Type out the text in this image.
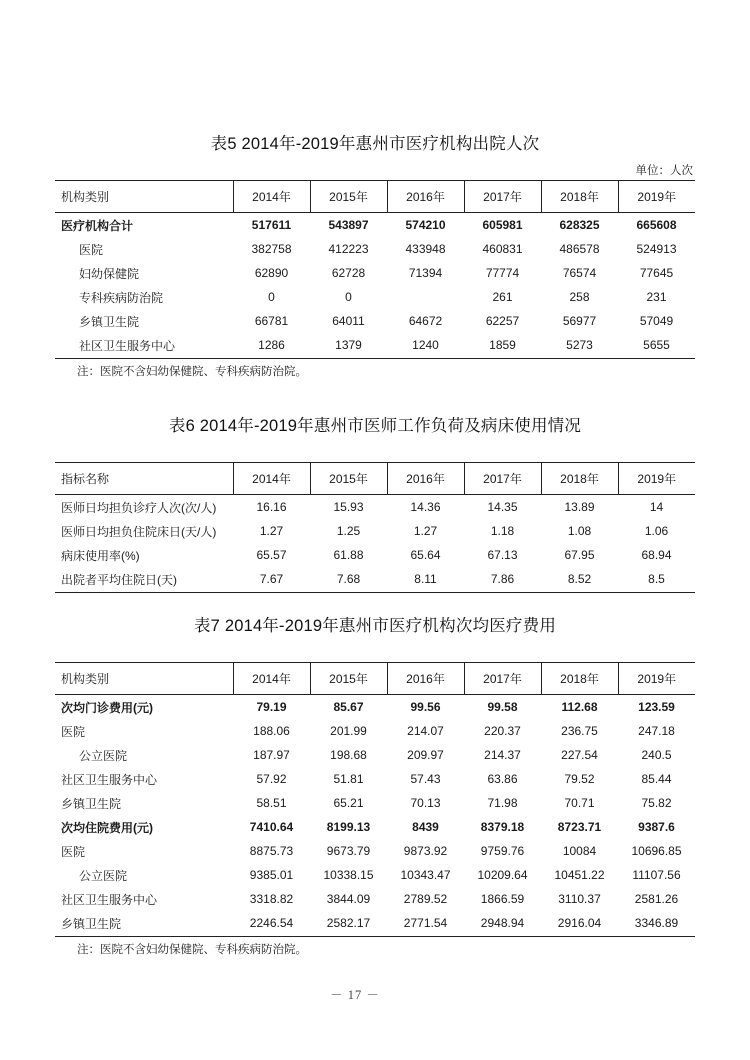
表5 2014年-2019年惠州市医疗机构出院人次
单位：人次
机构类别	2014年	2015年	2016年	2017年	2018年	2019年
医疗机构合计	517611	543897	574210	605981	628325	665608
医院	382758	412223	433948	460831	486578	524913
妇幼保健院	62890	62728	71394	77774	76574	77645
专科疾病防治院	0	0		261	258	231
乡镇卫生院	66781	64011	64672	62257	56977	57049
社区卫生服务中心	1286	1379	1240	1859	5273	5655
注：医院不含妇幼保健院、专科疾病防治院。
表6 2014年-2019年惠州市医师工作负荷及病床使用情况
指标名称	2014年	2015年	2016年	2017年	2018年	2019年
医师日均担负诊疗人次(次/人)	16.16	15.93	14.36	14.35	13.89	14
医师日均担负住院床日(天/人)	1.27	1.25	1.27	1.18	1.08	1.06
病床使用率(%)	65.57	61.88	65.64	67.13	67.95	68.94
出院者平均住院日(天)	7.67	7.68	8.11	7.86	8.52	8.5
表7 2014年-2019年惠州市医疗机构次均医疗费用
机构类别	2014年	2015年	2016年	2017年	2018年	2019年
次均门诊费用(元)	79.19	85.67	99.56	99.58	112.68	123.59
医院	188.06	201.99	214.07	220.37	236.75	247.18
公立医院	187.97	198.68	209.97	214.37	227.54	240.5
社区卫生服务中心	57.92	51.81	57.43	63.86	79.52	85.44
乡镇卫生院	58.51	65.21	70.13	71.98	70.71	75.82
次均住院费用(元)	7410.64	8199.13	8439	8379.18	8723.71	9387.6
医院	8875.73	9673.79	9873.92	9759.76	10084	10696.85
公立医院	9385.01	10338.15	10343.47	10209.64	10451.22	11107.56
社区卫生服务中心	3318.82	3844.09	2789.52	1866.59	3110.37	2581.26
乡镇卫生院	2246.54	2582.17	2771.54	2948.94	2916.04	3346.89
注：医院不含妇幼保健院、专科疾病防治院。
－ 17 －
